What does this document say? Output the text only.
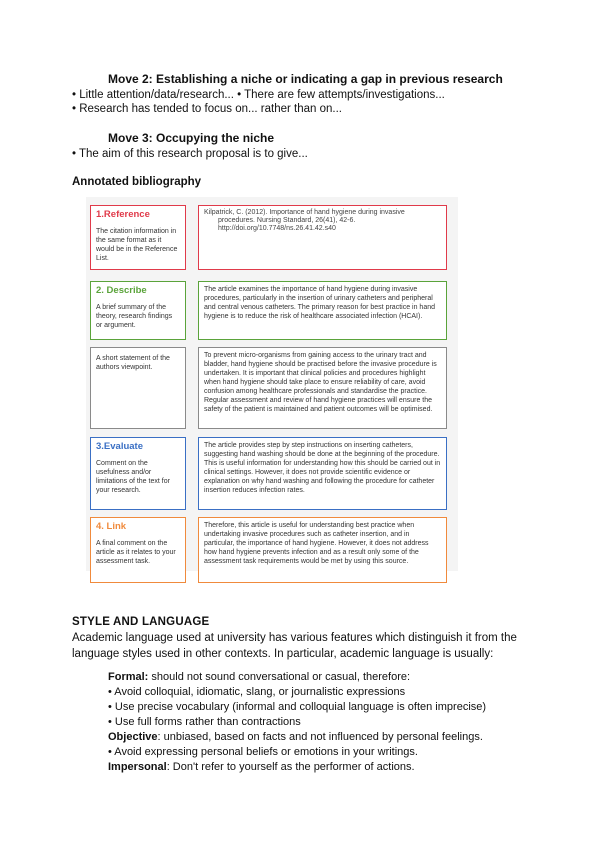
Move 2: Establishing a niche or indicating a gap in previous research
• Little attention/data/research... • There are few attempts/investigations...
• Research has tended to focus on... rather than on...
Move 3: Occupying the niche
• The aim of this research proposal is to give...
Annotated bibliography
1.Reference
The citation information in the same format as it would be in the Reference List.
Kilpatrick, C. (2012). Importance of hand hygiene during invasive
procedures. Nursing Standard, 26(41), 42-6.
http://doi.org/10.7748/ns.26.41.42.s40
2. Describe
A brief summary of the theory, research findings or argument.
The article examines the importance of hand hygiene during invasive procedures, particularly in the insertion of urinary catheters and peripheral and central venous catheters. The primary reason for best practice in hand hygiene is to reduce the risk of healthcare associated infection (HCAI).
A short statement of the authors viewpoint.
To prevent micro-organisms from gaining access to the urinary tract and bladder, hand hygiene should be practised before the invasive procedure is undertaken. It is important that clinical policies and procedures highlight when hand hygiene should take place to ensure reliability of care, avoid confusion among healthcare professionals and standardise the practice. Regular assessment and review of hand hygiene practices will ensure the safety of the patient is maintained and patient outcomes will be optimised.
3.Evaluate
Comment on the usefulness and/or limitations of the text for your research.
The article provides step by step instructions on inserting catheters, suggesting hand washing should be done at the beginning of the procedure. This is useful information for understanding how this should be carried out in clinical settings. However, it does not provide scientific evidence or explanation on why hand washing and following the procedure for catheter insertion reduces infection rates.
4. Link
A final comment on the article as it relates to your assessment task.
Therefore, this article is useful for understanding best practice when undertaking invasive procedures such as catheter insertion, and in particular, the importance of hand hygiene. However, it does not address how hand hygiene prevents infection and as a result only some of the assessment task requirements would be met by using this source.
STYLE AND LANGUAGE
Academic language used at university has various features which distinguish it from the language styles used in other contexts. In particular, academic language is usually:
Formal: should not sound conversational or casual, therefore:
• Avoid colloquial, idiomatic, slang, or journalistic expressions
• Use precise vocabulary (informal and colloquial language is often imprecise)
• Use full forms rather than contractions
Objective: unbiased, based on facts and not influenced by personal feelings.
• Avoid expressing personal beliefs or emotions in your writings.
Impersonal: Don't refer to yourself as the performer of actions.
